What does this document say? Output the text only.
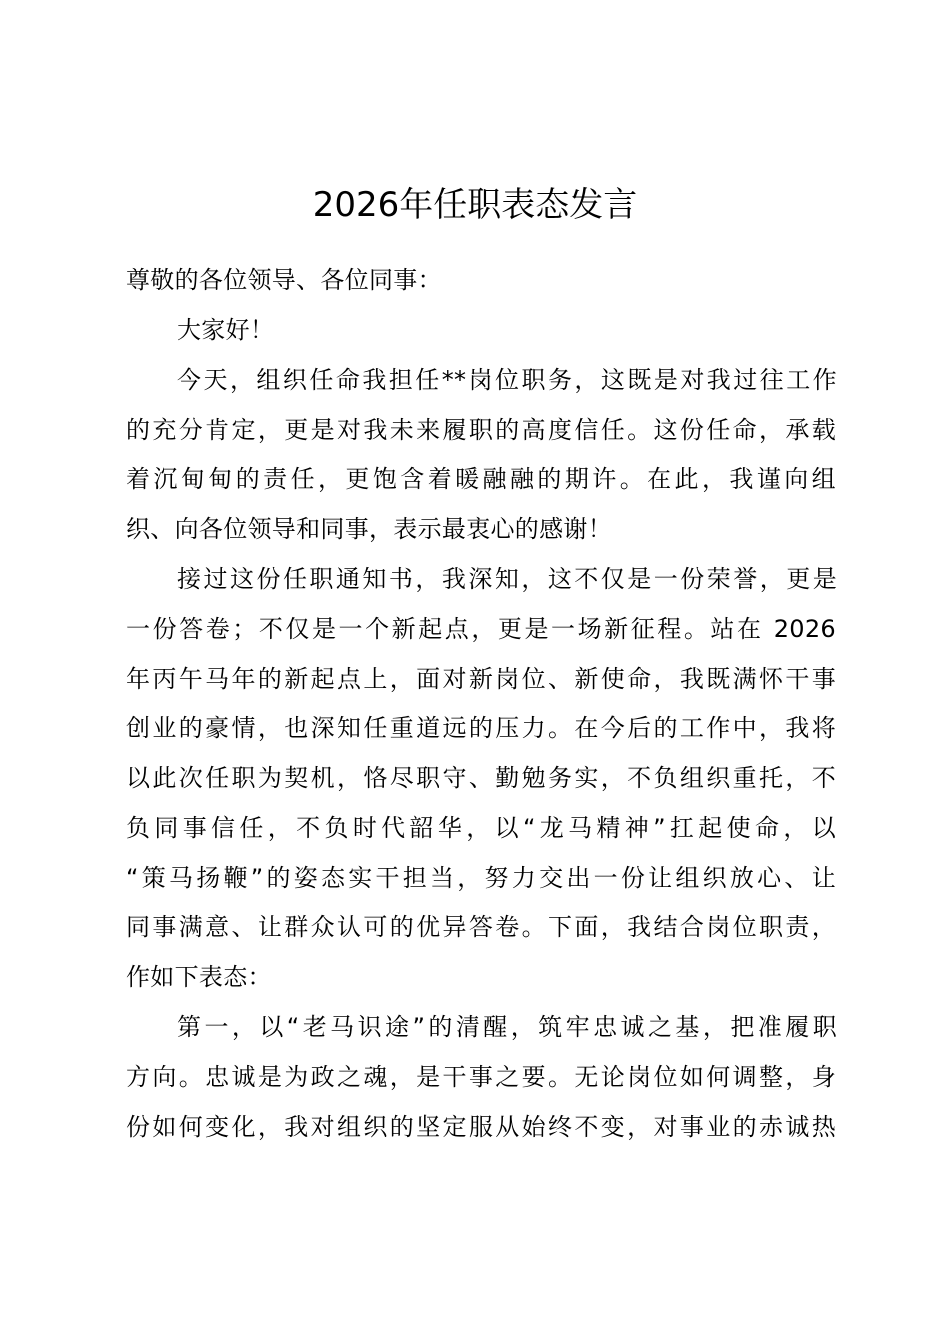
2026年任职表态发言
尊敬的各位领导、各位同事：
大家好！
今天，组织任命我担任**岗位职务，这既是对我过往工作
的充分肯定，更是对我未来履职的高度信任。这份任命，承载
着沉甸甸的责任，更饱含着暖融融的期许。在此，我谨向组
织、向各位领导和同事，表示最衷心的感谢！
接过这份任职通知书，我深知，这不仅是一份荣誉，更是
一份答卷；不仅是一个新起点，更是一场新征程。站在 2026
年丙午马年的新起点上，面对新岗位、新使命，我既满怀干事
创业的豪情，也深知任重道远的压力。在今后的工作中，我将
以此次任职为契机，恪尽职守、勤勉务实，不负组织重托，不
负同事信任，不负时代韶华，以“龙马精神”扛起使命，以
“策马扬鞭”的姿态实干担当，努力交出一份让组织放心、让
同事满意、让群众认可的优异答卷。下面，我结合岗位职责，
作如下表态：
第一，以“老马识途”的清醒，筑牢忠诚之基，把准履职
方向。忠诚是为政之魂，是干事之要。无论岗位如何调整，身
份如何变化，我对组织的坚定服从始终不变，对事业的赤诚热
